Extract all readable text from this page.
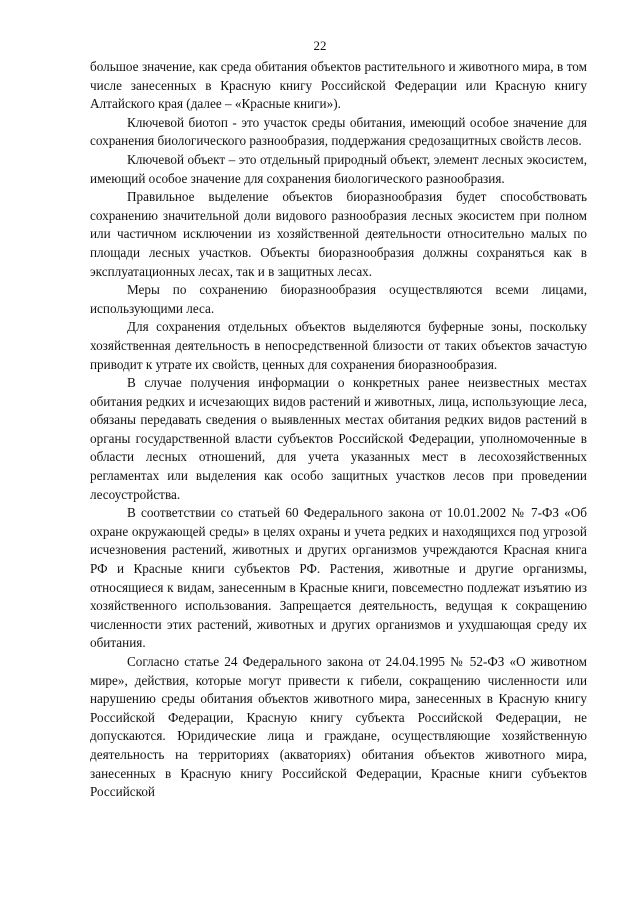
22

большое значение, как среда обитания объектов растительного и животного мира, в том числе занесенных в Красную книгу Российской Федерации или Красную книгу Алтайского края (далее – «Красные книги»).

Ключевой биотоп - это участок среды обитания, имеющий особое значение для сохранения биологического разнообразия, поддержания средозащитных свойств лесов.

Ключевой объект – это отдельный природный объект, элемент лесных экосистем, имеющий особое значение для сохранения биологического разнообразия.

Правильное выделение объектов биоразнообразия будет способствовать сохранению значительной доли видового разнообразия лесных экосистем при полном или частичном исключении из хозяйственной деятельности относительно малых по площади лесных участков. Объекты биоразнообразия должны сохраняться как в эксплуатационных лесах, так и в защитных лесах.

Меры по сохранению биоразнообразия осуществляются всеми лицами, использующими леса.

Для сохранения отдельных объектов выделяются буферные зоны, поскольку хозяйственная деятельность в непосредственной близости от таких объектов зачастую приводит к утрате их свойств, ценных для сохранения биоразнообразия.

В случае получения информации о конкретных ранее неизвестных местах обитания редких и исчезающих видов растений и животных, лица, использующие леса, обязаны передавать сведения о выявленных местах обитания редких видов растений в органы государственной власти субъектов Российской Федерации, уполномоченные в области лесных отношений, для учета указанных мест в лесохозяйственных регламентах или выделения как особо защитных участков лесов при проведении лесоустройства.

В соответствии со статьей 60 Федерального закона от 10.01.2002 № 7-ФЗ «Об охране окружающей среды» в целях охраны и учета редких и находящихся под угрозой исчезновения растений, животных и других организмов учреждаются Красная книга РФ и Красные книги субъектов РФ. Растения, животные и другие организмы, относящиеся к видам, занесенным в Красные книги, повсеместно подлежат изъятию из хозяйственного использования. Запрещается деятельность, ведущая к сокращению численности этих растений, животных и других организмов и ухудшающая среду их обитания.

Согласно статье 24 Федерального закона от 24.04.1995 № 52-ФЗ «О животном мире», действия, которые могут привести к гибели, сокращению численности или нарушению среды обитания объектов животного мира, занесенных в Красную книгу Российской Федерации, Красную книгу субъекта Российской Федерации, не допускаются. Юридические лица и граждане, осуществляющие хозяйственную деятельность на территориях (акваториях) обитания объектов животного мира, занесенных в Красную книгу Российской Федерации, Красные книги субъектов Российской
